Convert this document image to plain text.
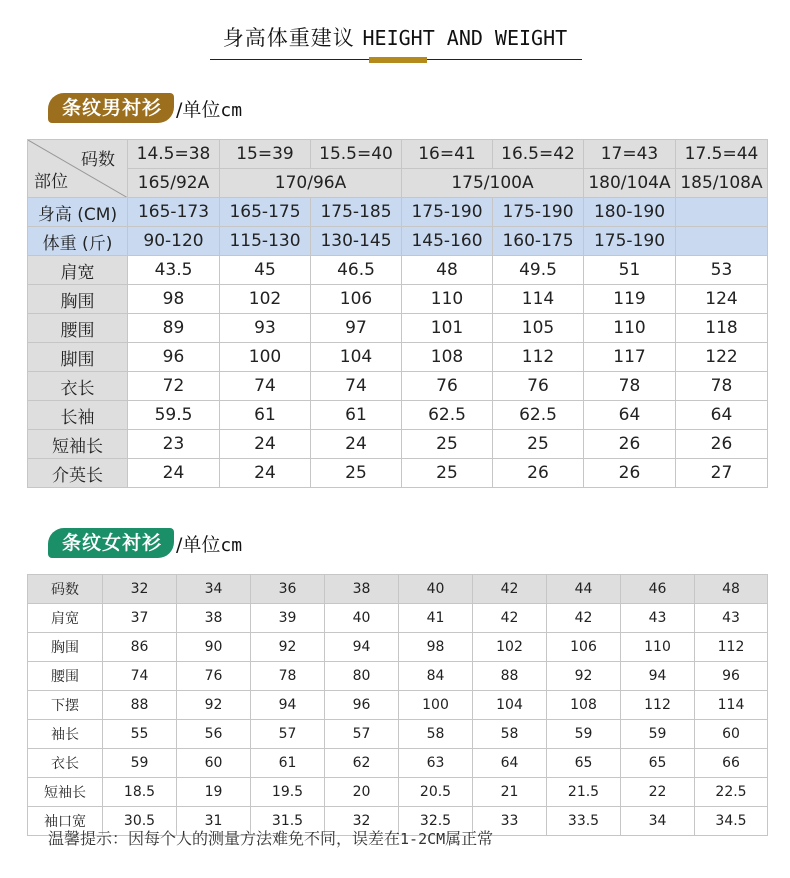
身高体重建议 HEIGHT AND WEIGHT
条纹男衬衫 /单位cm
码数
部位	14.5=38	15=39	15.5=40	16=41	16.5=42	17=43	17.5=44
	165/92A	170/96A		175/100A		180/104A	185/108A
身高 (CM)	165-173	165-175	175-185	175-190	175-190	180-190	
体重 (斤)	90-120	115-130	130-145	145-160	160-175	175-190	
肩宽	43.5	45	46.5	48	49.5	51	53
胸围	98	102	106	110	114	119	124
腰围	89	93	97	101	105	110	118
脚围	96	100	104	108	112	117	122
衣长	72	74	74	76	76	78	78
长袖	59.5	61	61	62.5	62.5	64	64
短袖长	23	24	24	25	25	26	26
介英长	24	24	25	25	26	26	27
条纹女衬衫 /单位cm
码数	32	34	36	38	40	42	44	46	48
肩宽	37	38	39	40	41	42	42	43	43
胸围	86	90	92	94	98	102	106	110	112
腰围	74	76	78	80	84	88	92	94	96
下摆	88	92	94	96	100	104	108	112	114
袖长	55	56	57	57	58	58	59	59	60
衣长	59	60	61	62	63	64	65	65	66
短袖长	18.5	19	19.5	20	20.5	21	21.5	22	22.5
袖口宽	30.5	31	31.5	32	32.5	33	33.5	34	34.5
温馨提示：因每个人的测量方法难免不同，误差在1-2CM属正常
